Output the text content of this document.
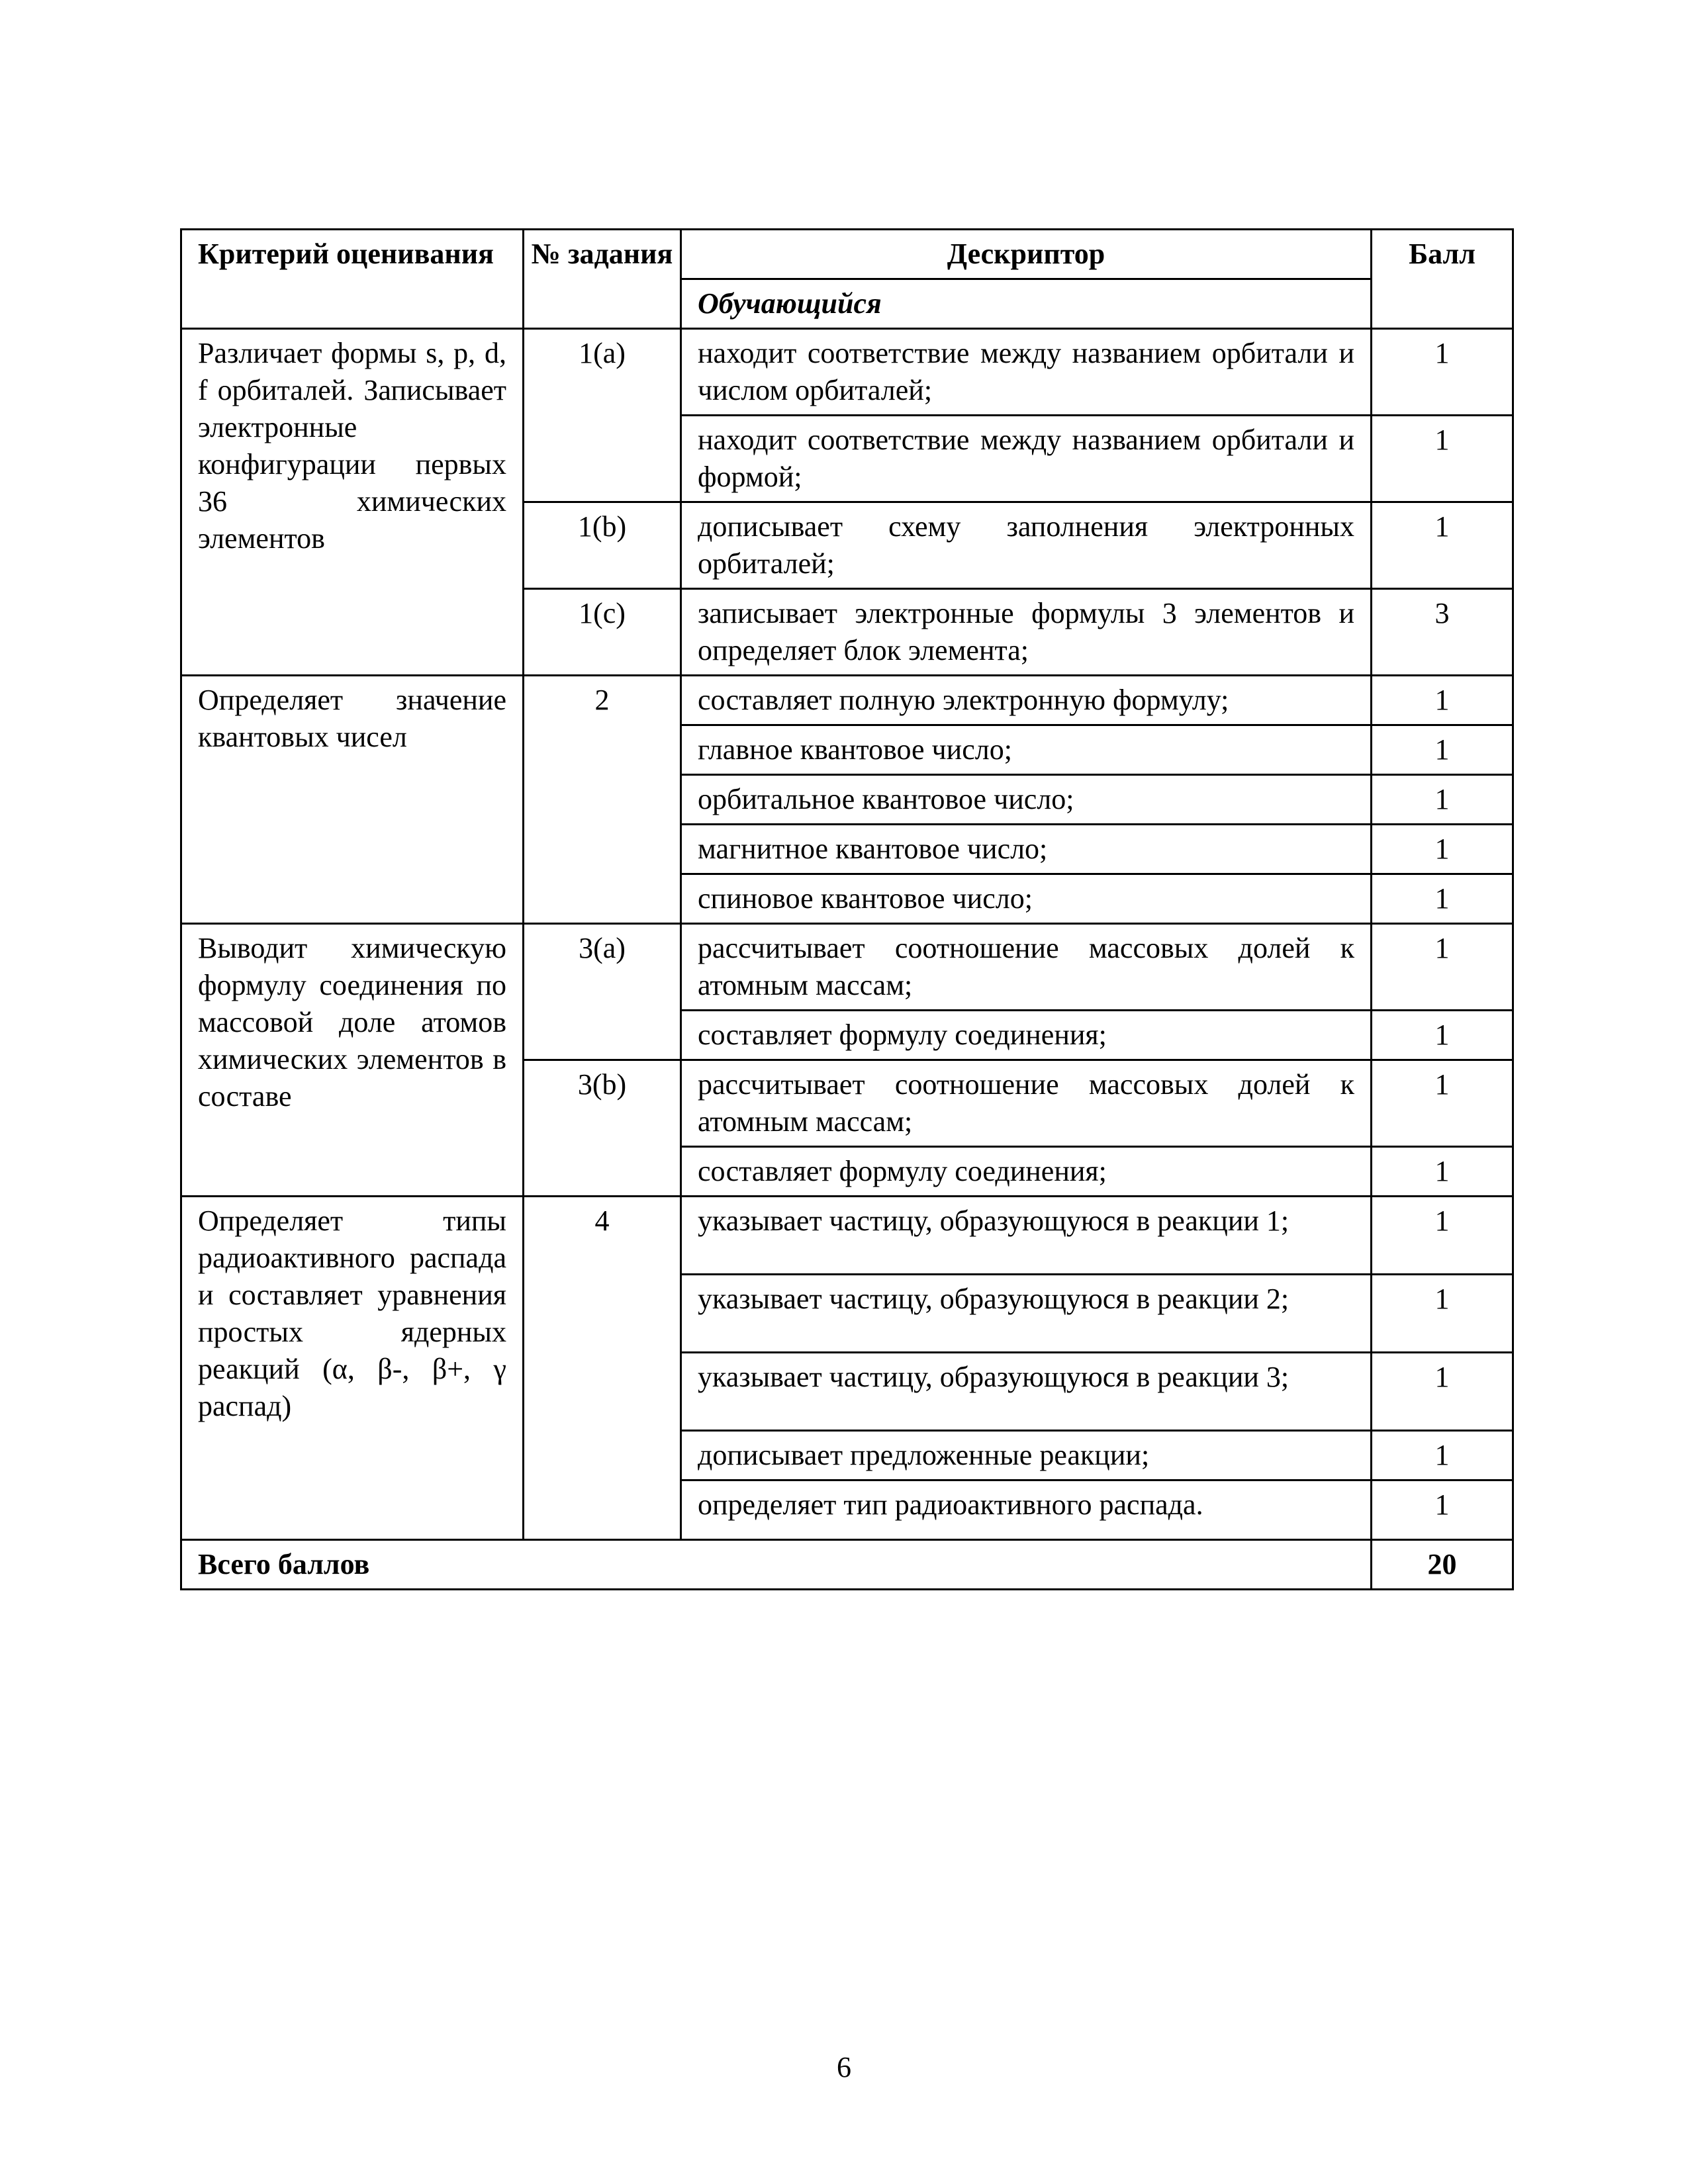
Критерий оценивания	№ задания	Дескриптор	Балл
		Обучающийся	
Различает формы s, p, d, f орбиталей. Записывает электронные конфигурации первых 36 химических элементов	1(a)	находит соответствие между названием орбитали и числом орбиталей;	1
		находит соответствие между названием орбитали и формой;	1
	1(b)	дописывает схему заполнения электронных орбиталей;	1
	1(c)	записывает электронные формулы 3 элементов и определяет блок элемента;	3
Определяет значение квантовых чисел	2	составляет полную электронную формулу;	1
		главное квантовое число;	1
		орбитальное квантовое число;	1
		магнитное квантовое число;	1
		спиновое квантовое число;	1
Выводит химическую формулу соединения по массовой доле атомов химических элементов в составе	3(a)	рассчитывает соотношение массовых долей к атомным массам;	1
		составляет формулу соединения;	1
	3(b)	рассчитывает соотношение массовых долей к атомным массам;	1
		составляет формулу соединения;	1
Определяет типы радиоактивного распада и составляет уравнения простых ядерных реакций (α, β-, β+, γ распад)	4	указывает частицу, образующуюся в реакции 1;	1
		указывает частицу, образующуюся в реакции 2;	1
		указывает частицу, образующуюся в реакции 3;	1
		дописывает предложенные реакции;	1
		определяет тип радиоактивного распада.	1
Всего баллов			20
6
